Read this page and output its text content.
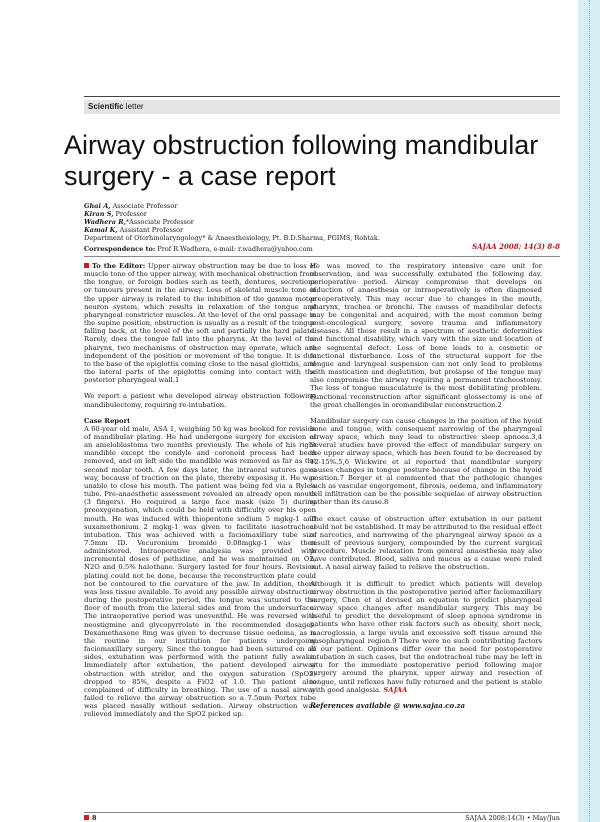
Scientific letter
Airway obstruction following mandibular surgery - a case report
Ghai A, Associate Professor
Kiran S, Professor
Wadhera R,*Associate Professor
Kamal K, Assistant Professor
Department of Otorhinolaryngology* & Anaesthesiology, Pt. B.D.Sharma, PGIMS, Rohtak.
Correspondence to: Prof R Wadhera, e-mail: r.wadhera@yahoo.com	SAJAA 2008; 14(3) 8-8

To the Editor: Upper airway obstruction may be due to loss of muscle tone of the upper airway, with mechanical obstruction from the tongue, or foreign bodies such as teeth, dentures, secretions or tumours present in the airway. Loss of skeletal muscle tone of the upper airway is related to the inhibition of the gamma motor neuron system, which results in relaxation of the tongue and pharyngeal constrictor muscles. At the level of the oral passage in the supine position, obstruction is usually as a result of the tongue falling back, at the level of the soft and partially the hard palate. Rarely, does the tongue fall into the pharynx. At the level of the pharynx, two mechanisms of obstruction may operate, which are independent of the position or movement of the tongue. It is due to the base of the epiglottis coming close to the nasal glottidis, and the lateral parts of the epiglottis coming into contact with the posterior pharyngeal wall.1

We report a patient who developed airway obstruction following mandibulectomy, requiring re-intubation.

Case Report

A 60-year old male, ASA 1, weighing 50 kg was booked for revision of mandibular plating. He had undergone surgery for excision of an ameloblastoma two months previously. The whole of his right mandible except the condyle and coronoid process had been removed, and on left side the mandible was removed as far as the second molar tooth. A few days later, the intraoral sutures gave way, because of traction on the plate, thereby exposing it. He was unable to close his mouth. The patient was being fed via a Ryle's tube. Pre-anaesthetic assessment revealed an already open mouth (3 fingers). He required a large face mask (size 5) during preoxygenation, which could be held with difficulty over his open mouth. He was induced with thiopentone sodium 5 mgkg-1 and suxamethonium 2 mgkg-1 was given to facilitate nasotracheal intubation. This was achieved with a faciomaxillary tube size 7.5mm ID. Vecuronium bromide 0.08mgkg-1 was then administered. Intraoperative analgesia was provided with incremental doses of pethidine, and he was maintained on O2, N2O and 0.5% halothane. Surgery lasted for four hours. Revision plating could not be done, because the reconstruction plate could not be contoured to the curvature of the jaw. In addition, there was less tissue available. To avoid any possible airway obstruction during the postoperative period, the tongue was sutured to the floor of mouth from the lateral sides and from the undersurface. The intraoperative period was uneventful. He was reversed with neostigmine and glycopyrrolate in the recommended dosages. Dexamethasone 8mg was given to decrease tissue oedema, as is the routine in our institution for patients undergoing faciomaxillary surgery. Since the tongue had been sutured on all sides, extubation was performed with the patient fully awake. Immediately after extubation, the patient developed airway obstruction with stridor, and the oxygen saturation (SpO2) dropped to 85%, despite a FiO2 of 1.0. The patient also complained of difficulty in breathing. The use of a nasal airway failed to relieve the airway obstruction so a 7.5mm Portex tube was placed nasally without sedation. Airway obstruction was relieved immediately and the SpO2 picked up.

He was moved to the respiratory intensive care unit for observation, and was successfully extubated the following day. perioperative period. Airway compromise that develops on induction of anaesthesia or intraoperatively is often diagnosed preoperatively. This may occur due to changes in the mouth, pharynx, trachea or bronchi. The causes of mandibular defects may be congenital and acquired, with the most common being post-oncological surgery, severe trauma and inflammatory diseases. All these result in a spectrum of aesthetic deformities and functional disability, which vary with the size and location of the segmental defect. Loss of bone leads to a cosmetic or functional disturbance. Loss of the structural support for the tongue and laryngeal suspension can not only lead to problems with mastication and deglutition, but prolapse of the tongue may also compromise the airway requiring a permanent tracheostomy. The loss of tongue musculature is the most debilitating problem. Functional reconstruction after significant glossectomy is one of the great challenges in oromandibular reconstruction.2

Mandibular surgery can cause changes in the position of the hyoid bone and tongue, with consequent narrowing of the pharyngeal airway space, which may lead to obstructive sleep apnoea.3,4 Several studies have proved the effect of mandibular surgery on the upper airway space, which has been found to be decreased by 12-15%.5,6 Wickwire et al reported that mandibular surgery causes changes in tongue posture because of change in the hyoid position.7 Berger et al commented that the pathologic changes such as vascular engorgement, fibrosis, oedema, and inflammatory cell infiltration can be the possible sequelae of airway obstruction rather than its cause.8

The exact cause of obstruction after extubation in our patient could not be established. It may be attributed to the residual effect of narcotics, and narrowing of the pharyngeal airway space as a result of previous surgery, compounded by the current surgical procedure. Muscle relaxation from general anaesthesia may also have contributed. Blood, saliva and mucus as a cause were ruled out. A nasal airway failed to relieve the obstruction.

Although it is difficult to predict which patients will develop airway obstruction in the postoperative period after faciomaxillary surgery, Chen et al devised an equation to predict pharyngeal airway space changes after mandibular surgery. This may be useful to predict the development of sleep apnoea syndrome in patients who have other risk factors such as obesity, short neck, macroglossia, a large uvula and excessive soft tissue around the nasopharyngeal region.9 There were no such contributing factors in our patient. Opinions differ over the need for postoperative intubation in such cases, but the endotracheal tube may be left in situ for the immediate postoperative period following major surgery around the pharynx, upper airway and resection of tongue, until reflexes have fully returned and the patient is stable with good analgesia. SAJAA

References available @ www.sajaa.co.za
8	SAJAA 2008;14(3) • May/Jun
